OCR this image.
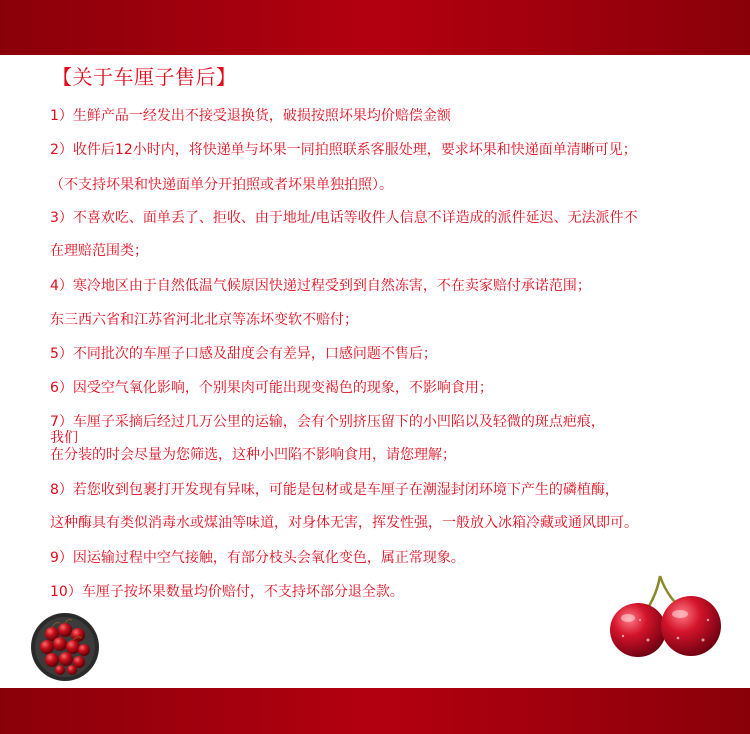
【关于车厘子售后】
1）生鲜产品一经发出不接受退换货，破损按照坏果均价赔偿金额
2）收件后12小时内，将快递单与坏果一同拍照联系客服处理，要求坏果和快递面单清晰可见；
（不支持坏果和快递面单分开拍照或者坏果单独拍照）。
3）不喜欢吃、面单丢了、拒收、由于地址/电话等收件人信息不详造成的派件延迟、无法派件不
在理赔范围类；
4）寒冷地区由于自然低温气候原因快递过程受到到自然冻害，不在卖家赔付承诺范围；
东三西六省和江苏省河北北京等冻坏变软不赔付；
5）不同批次的车厘子口感及甜度会有差异，口感问题不售后；
6）因受空气氧化影响，个别果肉可能出现变褐色的现象，不影响食用；
7）车厘子采摘后经过几万公里的运输，会有个别挤压留下的小凹陷以及轻微的斑点疤痕，
我们
在分装的时会尽量为您筛选，这种小凹陷不影响食用，请您理解；
8）若您收到包裹打开发现有异味，可能是包材或是车厘子在潮湿封闭环境下产生的磷植酶，
这种酶具有类似消毒水或煤油等味道，对身体无害，挥发性强，一般放入冰箱冷藏或通风即可。
9）因运输过程中空气接触，有部分枝头会氧化变色，属正常现象。
10）车厘子按坏果数量均价赔付，不支持坏部分退全款。
